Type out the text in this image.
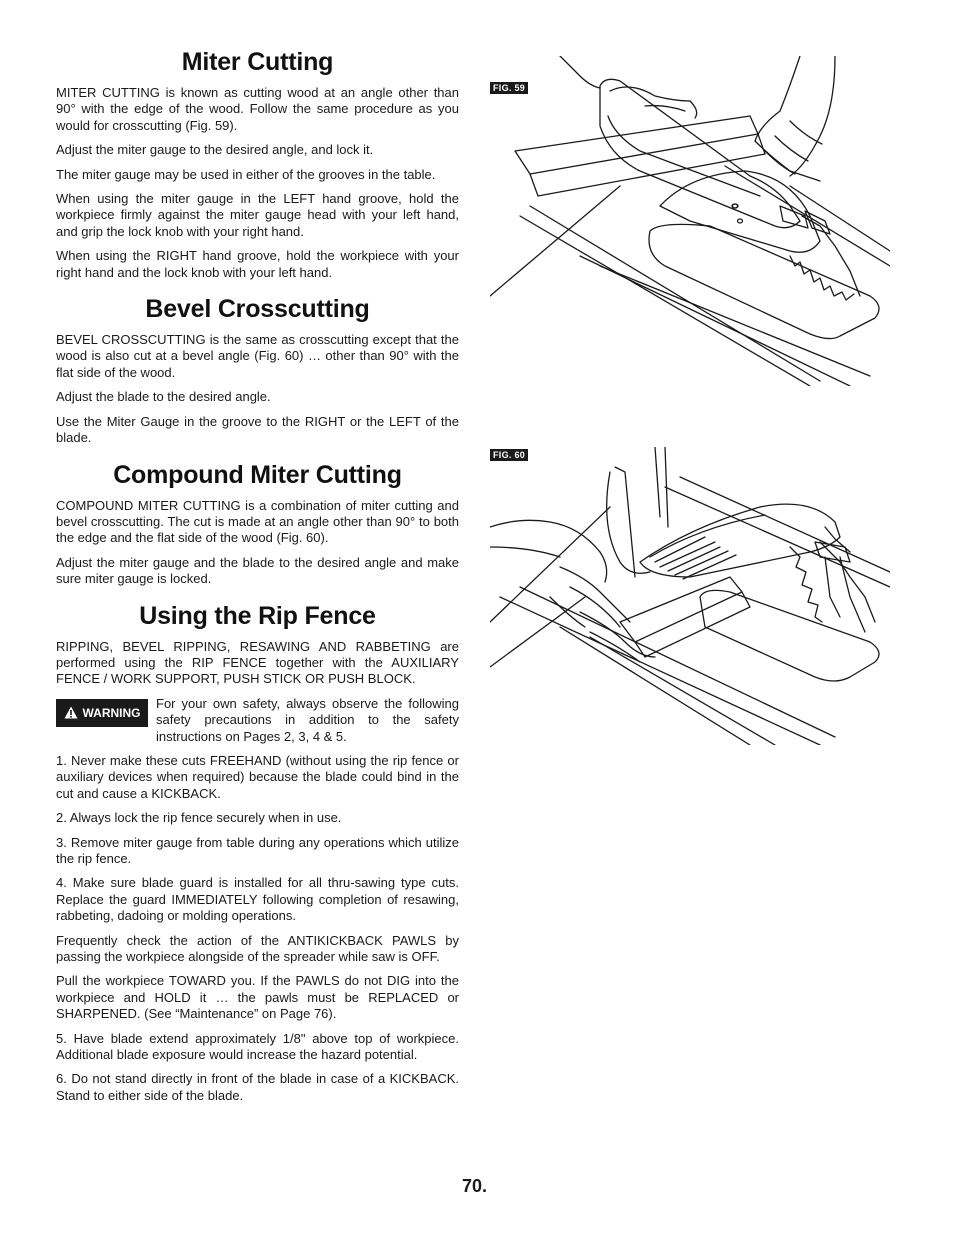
Miter Cutting

MITER CUTTING is known as cutting wood at an angle other than 90° with the edge of the wood. Follow the same procedure as you would for crosscutting (Fig. 59).

Adjust the miter gauge to the desired angle, and lock it.

The miter gauge may be used in either of the grooves in the table.

When using the miter gauge in the LEFT hand groove, hold the workpiece firmly against the miter gauge head with your left hand, and grip the lock knob with your right hand.

When using the RIGHT hand groove, hold the workpiece with your right hand and the lock knob with your left hand.

Bevel Crosscutting

BEVEL CROSSCUTTING is the same as crosscutting except that the wood is also cut at a bevel angle (Fig. 60) … other than 90° with the flat side of the wood.

Adjust the blade to the desired angle.

Use the Miter Gauge in the groove to the RIGHT or the LEFT of the blade.

Compound Miter Cutting

COMPOUND MITER CUTTING is a combination of miter cutting and bevel crosscutting. The cut is made at an angle other than 90° to both the edge and the flat side of the wood (Fig. 60).

Adjust the miter gauge and the blade to the desired angle and make sure miter gauge is locked.

Using the Rip Fence

RIPPING, BEVEL RIPPING, RESAWING AND RABBETING are performed using the RIP FENCE together with the AUXILIARY FENCE / WORK SUPPORT, PUSH STICK OR PUSH BLOCK.

WARNING

For your own safety, always observe the following safety precautions in addition to the safety instructions on Pages 2, 3, 4 & 5.

1. Never make these cuts FREEHAND (without using the rip fence or auxiliary devices when required) because the blade could bind in the cut and cause a KICKBACK.

2. Always lock the rip fence securely when in use.

3. Remove miter gauge from table during any operations which utilize the rip fence.

4. Make sure blade guard is installed for all thru-sawing type cuts. Replace the guard IMMEDIATELY following completion of resawing, rabbeting, dadoing or molding operations.

Frequently check the action of the ANTIKICKBACK PAWLS by passing the workpiece alongside of the spreader while saw is OFF.

Pull the workpiece TOWARD you. If the PAWLS do not DIG into the workpiece and HOLD it … the pawls must be REPLACED or SHARPENED. (See “Maintenance” on Page 76).

5. Have blade extend approximately 1/8" above top of workpiece. Additional blade exposure would increase the hazard potential.

6. Do not stand directly in front of the blade in case of a KICKBACK. Stand to either side of the blade.

FIG. 59
FIG. 60
70.
